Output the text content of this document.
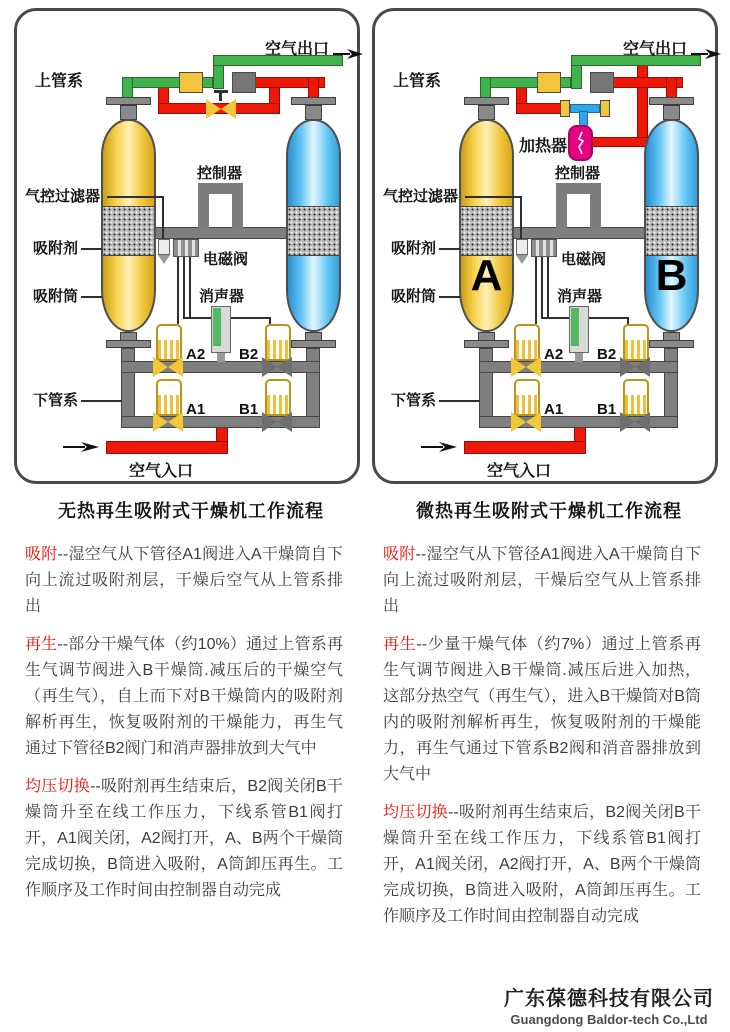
空气出口
上管系
气控过滤器
吸附剂
吸附筒
下管系
空气入口
控制器
电磁阀
消声器
A2 B2
A1 B1
A	B
空气出口
上管系
加热器
气控过滤器
吸附剂
吸附筒
下管系
空气入口
控制器
电磁阀
消声器
A2 B2
A1 B1
无热再生吸附式干燥机工作流程
吸附--湿空气从下管径A1阀进入A干燥筒自下向上流过吸附剂层，干燥后空气从上管系排出
再生--部分干燥气体（约10%）通过上管系再生气调节阀进入B干燥筒.减压后的干燥空气（再生气），自上而下对B干燥筒内的吸附剂解析再生，恢复吸附剂的干燥能力，再生气通过下管径B2阀门和消声器排放到大气中
均压切换--吸附剂再生结束后，B2阀关闭B干燥筒升至在线工作压力，下线系管B1阀打开，A1阀关闭，A2阀打开，A、B两个干燥筒完成切换，B筒进入吸附，A筒卸压再生。工作顺序及工作时间由控制器自动完成
微热再生吸附式干燥机工作流程
吸附--湿空气从下管径A1阀进入A干燥筒自下向上流过吸附剂层，干燥后空气从上管系排出
再生--少量干燥气体（约7%）通过上管系再生气调节阀进入B干燥筒.减压后进入加热，这部分热空气（再生气），进入B干燥筒对B筒内的吸附剂解析再生，恢复吸附剂的干燥能力，再生气通过下管系B2阀和消音器排放到大气中
均压切换--吸附剂再生结束后，B2阀关闭B干燥筒升至在线工作压力，下线系管B1阀打开，A1阀关闭，A2阀打开，A、B两个干燥筒完成切换，B筒进入吸附，A筒卸压再生。工作顺序及工作时间由控制器自动完成
广东葆德科技有限公司
Guangdong Baldor-tech Co.,Ltd
